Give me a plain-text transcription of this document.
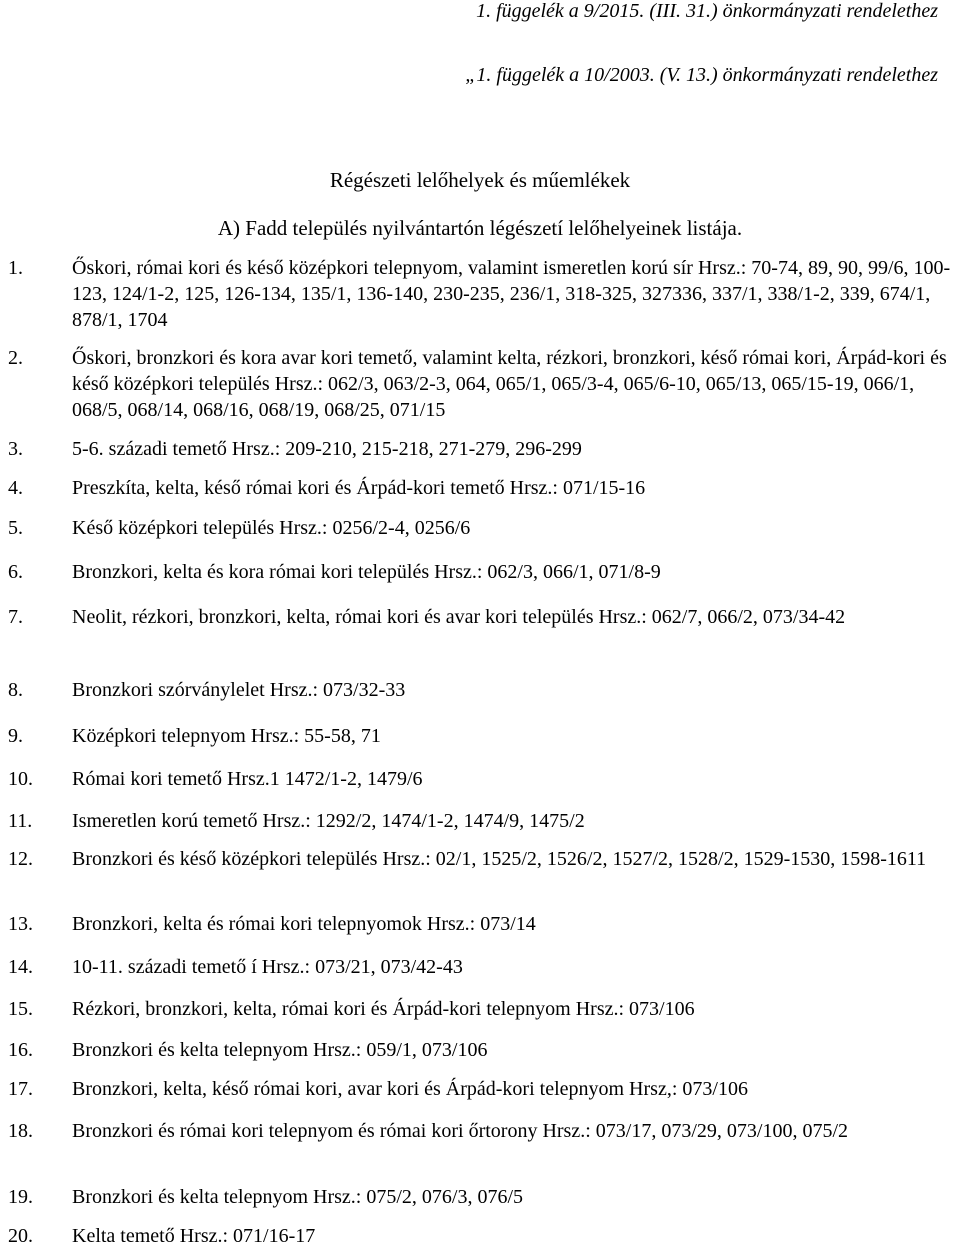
1. függelék a 9/2015. (III. 31.) önkormányzati rendelethez
„1. függelék a 10/2003. (V. 13.) önkormányzati rendelethez
Régészeti lelőhelyek és műemlékek
A) Fadd település nyilvántartón légészetí lelőhelyeinek listája.
1. Őskori, római kori és késő középkori telepnyom, valamint ismeretlen korú sír Hrsz.: 70-74, 89, 90, 99/6, 100-123, 124/1-2, 125, 126-134, 135/1, 136-140, 230-235, 236/1, 318-325, 327336, 337/1, 338/1-2, 339, 674/1, 878/1, 1704
2. Őskori, bronzkori és kora avar kori temető, valamint kelta, rézkori, bronzkori, késő római kori, Árpád-kori és késő középkori település Hrsz.: 062/3, 063/2-3, 064, 065/1, 065/3-4, 065/6-10, 065/13, 065/15-19, 066/1, 068/5, 068/14, 068/16, 068/19, 068/25, 071/15
3. 5-6. századi temető Hrsz.: 209-210, 215-218, 271-279, 296-299
4. Preszkíta, kelta, késő római kori és Árpád-kori temető Hrsz.: 071/15-16
5. Késő középkori település Hrsz.: 0256/2-4, 0256/6
6. Bronzkori, kelta és kora római kori település Hrsz.: 062/3, 066/1, 071/8-9
7. Neolit, rézkori, bronzkori, kelta, római kori és avar kori település Hrsz.: 062/7, 066/2, 073/34-42
8. Bronzkori szórványlelet Hrsz.: 073/32-33
9. Középkori telepnyom Hrsz.: 55-58, 71
10. Római kori temető Hrsz.1 1472/1-2, 1479/6
11. Ismeretlen korú temető Hrsz.: 1292/2, 1474/1-2, 1474/9, 1475/2
12. Bronzkori és késő középkori település Hrsz.: 02/1, 1525/2, 1526/2, 1527/2, 1528/2, 1529-1530, 1598-1611
13. Bronzkori, kelta és római kori telepnyomok Hrsz.: 073/14
14. 10-11. századi temető í Hrsz.: 073/21, 073/42-43
15. Rézkori, bronzkori, kelta, római kori és Árpád-kori telepnyom Hrsz.: 073/106
16. Bronzkori és kelta telepnyom Hrsz.: 059/1, 073/106
17. Bronzkori, kelta, késő római kori, avar kori és Árpád-kori telepnyom Hrsz,: 073/106
18. Bronzkori és római kori telepnyom és római kori őrtorony Hrsz.: 073/17, 073/29, 073/100, 075/2
19. Bronzkori és kelta telepnyom Hrsz.: 075/2, 076/3, 076/5
20. Kelta temető Hrsz.: 071/16-17
